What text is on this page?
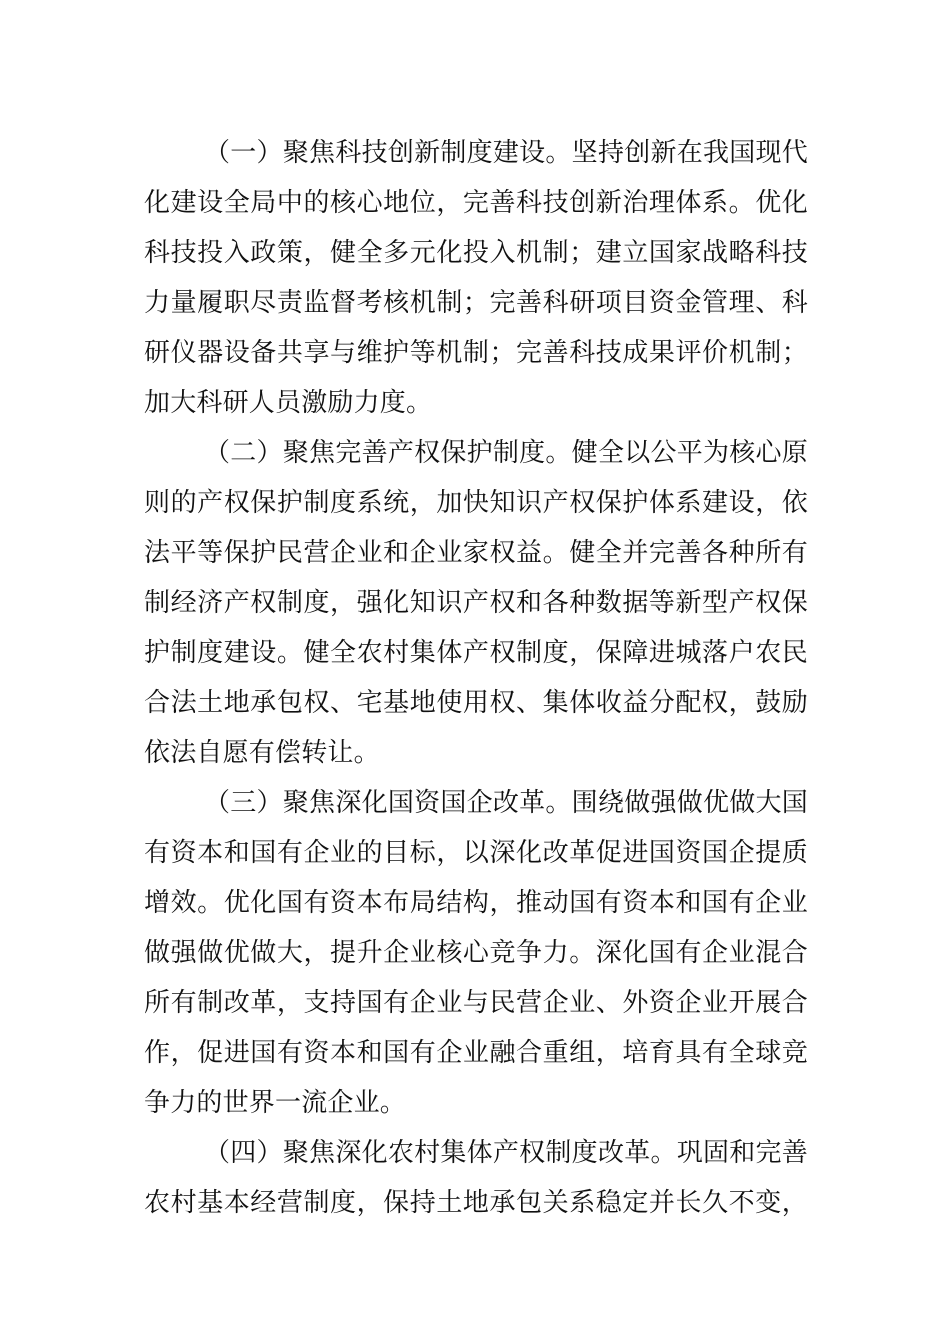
（一）聚焦科技创新制度建设。坚持创新在我国现代
化建设全局中的核心地位，完善科技创新治理体系。优化
科技投入政策，健全多元化投入机制；建立国家战略科技
力量履职尽责监督考核机制；完善科研项目资金管理、科
研仪器设备共享与维护等机制；完善科技成果评价机制；
加大科研人员激励力度。
（二）聚焦完善产权保护制度。健全以公平为核心原
则的产权保护制度系统，加快知识产权保护体系建设，依
法平等保护民营企业和企业家权益。健全并完善各种所有
制经济产权制度，强化知识产权和各种数据等新型产权保
护制度建设。健全农村集体产权制度，保障进城落户农民
合法土地承包权、宅基地使用权、集体收益分配权，鼓励
依法自愿有偿转让。
（三）聚焦深化国资国企改革。围绕做强做优做大国
有资本和国有企业的目标，以深化改革促进国资国企提质
增效。优化国有资本布局结构，推动国有资本和国有企业
做强做优做大，提升企业核心竞争力。深化国有企业混合
所有制改革，支持国有企业与民营企业、外资企业开展合
作，促进国有资本和国有企业融合重组，培育具有全球竞
争力的世界一流企业。
（四）聚焦深化农村集体产权制度改革。巩固和完善
农村基本经营制度，保持土地承包关系稳定并长久不变，
